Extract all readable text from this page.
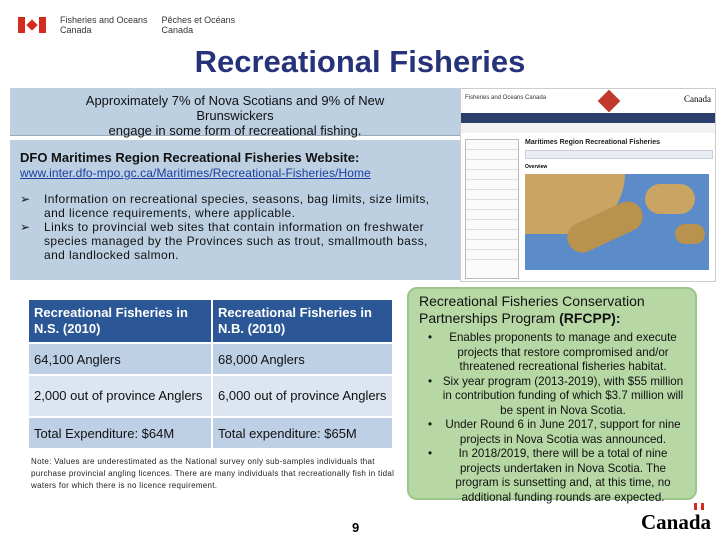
Fisheries and Oceans
Canada
Pêches et Océans
Canada
Recreational Fisheries
Approximately 7% of Nova Scotians and 9% of New
Brunswickers
engage in some form of recreational fishing.
DFO Maritimes Region Recreational Fisheries Website:
www.inter.dfo-mpo.gc.ca/Maritimes/Recreational-Fisheries/Home
➢	Information on recreational species, seasons, bag limits, size limits, and licence requirements, where applicable.
➢	Links to provincial web sites that contain information on freshwater species managed by the Provinces such as trout, smallmouth bass, and landlocked salmon.
Fisheries and Oceans Canada	Canada
Maritimes Region Recreational Fisheries
Overview
Recreational Fisheries in N.S. (2010)	Recreational Fisheries in N.B. (2010)
64,100 Anglers	68,000 Anglers
2,000 out of province Anglers	6,000 out of province Anglers
Total Expenditure: $64M	Total expenditure: $65M
Note: Values are underestimated as the National survey only sub-samples individuals that purchase provincial angling licences. There are many individuals that recreationally fish in tidal waters for which there is no licence requirement.
Recreational Fisheries Conservation Partnerships Program (RFCPP):
•	Enables proponents to manage and execute projects that restore compromised and/or threatened recreational fisheries habitat.
• Six year program (2013-2019), with $55 million in contribution funding of which $3.7 million will be spent in Nova Scotia.
•	Under Round 6 in June 2017, support for nine projects in Nova Scotia was announced.
•	In 2018/2019, there will be a total of nine projects undertaken in Nova Scotia. The program is sunsetting and, at this time, no additional funding rounds are expected.
9	Canada
